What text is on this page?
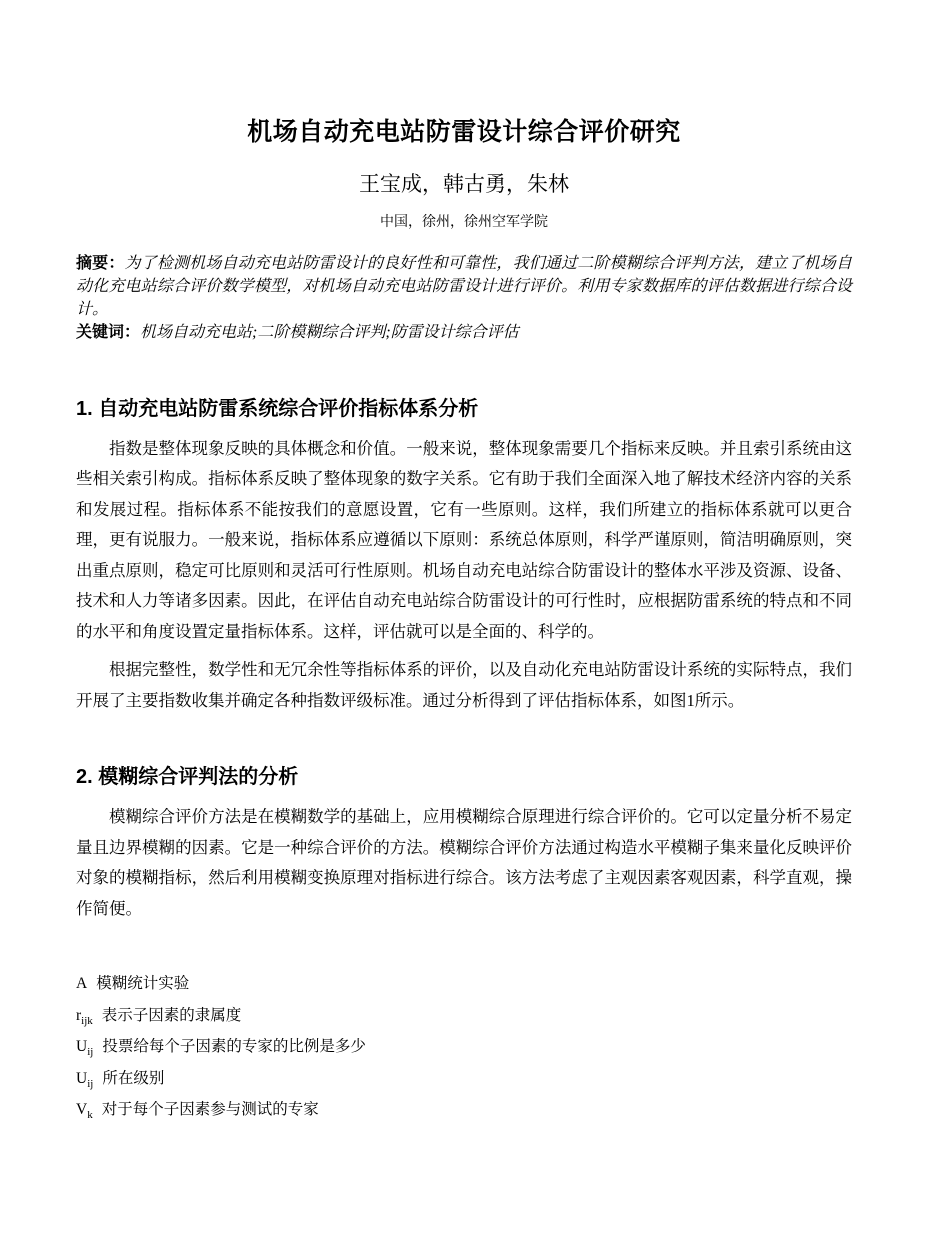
机场自动充电站防雷设计综合评价研究
王宝成，韩古勇，朱林
中国，徐州，徐州空军学院

摘要：为了检测机场自动充电站防雷设计的良好性和可靠性，我们通过二阶模糊综合评判方法，建立了机场自动化充电站综合评价数学模型，对机场自动充电站防雷设计进行评价。利用专家数据库的评估数据进行综合设计。

关键词：机场自动充电站;二阶模糊综合评判;防雷设计综合评估

1. 自动充电站防雷系统综合评价指标体系分析

指数是整体现象反映的具体概念和价值。一般来说，整体现象需要几个指标来反映。并且索引系统由这些相关索引构成。指标体系反映了整体现象的数字关系。它有助于我们全面深入地了解技术经济内容的关系和发展过程。指标体系不能按我们的意愿设置，它有一些原则。这样，我们所建立的指标体系就可以更合理，更有说服力。一般来说，指标体系应遵循以下原则：系统总体原则，科学严谨原则，简洁明确原则，突出重点原则，稳定可比原则和灵活可行性原则。机场自动充电站综合防雷设计的整体水平涉及资源、设备、技术和人力等诸多因素。因此，在评估自动充电站综合防雷设计的可行性时，应根据防雷系统的特点和不同的水平和角度设置定量指标体系。这样，评估就可以是全面的、科学的。

根据完整性，数学性和无冗余性等指标体系的评价，以及自动化充电站防雷设计系统的实际特点，我们开展了主要指数收集并确定各种指数评级标准。通过分析得到了评估指标体系，如图1所示。

2. 模糊综合评判法的分析

模糊综合评价方法是在模糊数学的基础上，应用模糊综合原理进行综合评价的。它可以定量分析不易定量且边界模糊的因素。它是一种综合评价的方法。模糊综合评价方法通过构造水平模糊子集来量化反映评价对象的模糊指标，然后利用模糊变换原理对指标进行综合。该方法考虑了主观因素客观因素，科学直观，操作简便。

A 模糊统计实验
$r_{ijk}$ 表示子因素的隶属度
$U_{ij}$ 投票给每个子因素的专家的比例是多少
$U_{ij}$ 所在级别
$V_k$ 对于每个子因素参与测试的专家
